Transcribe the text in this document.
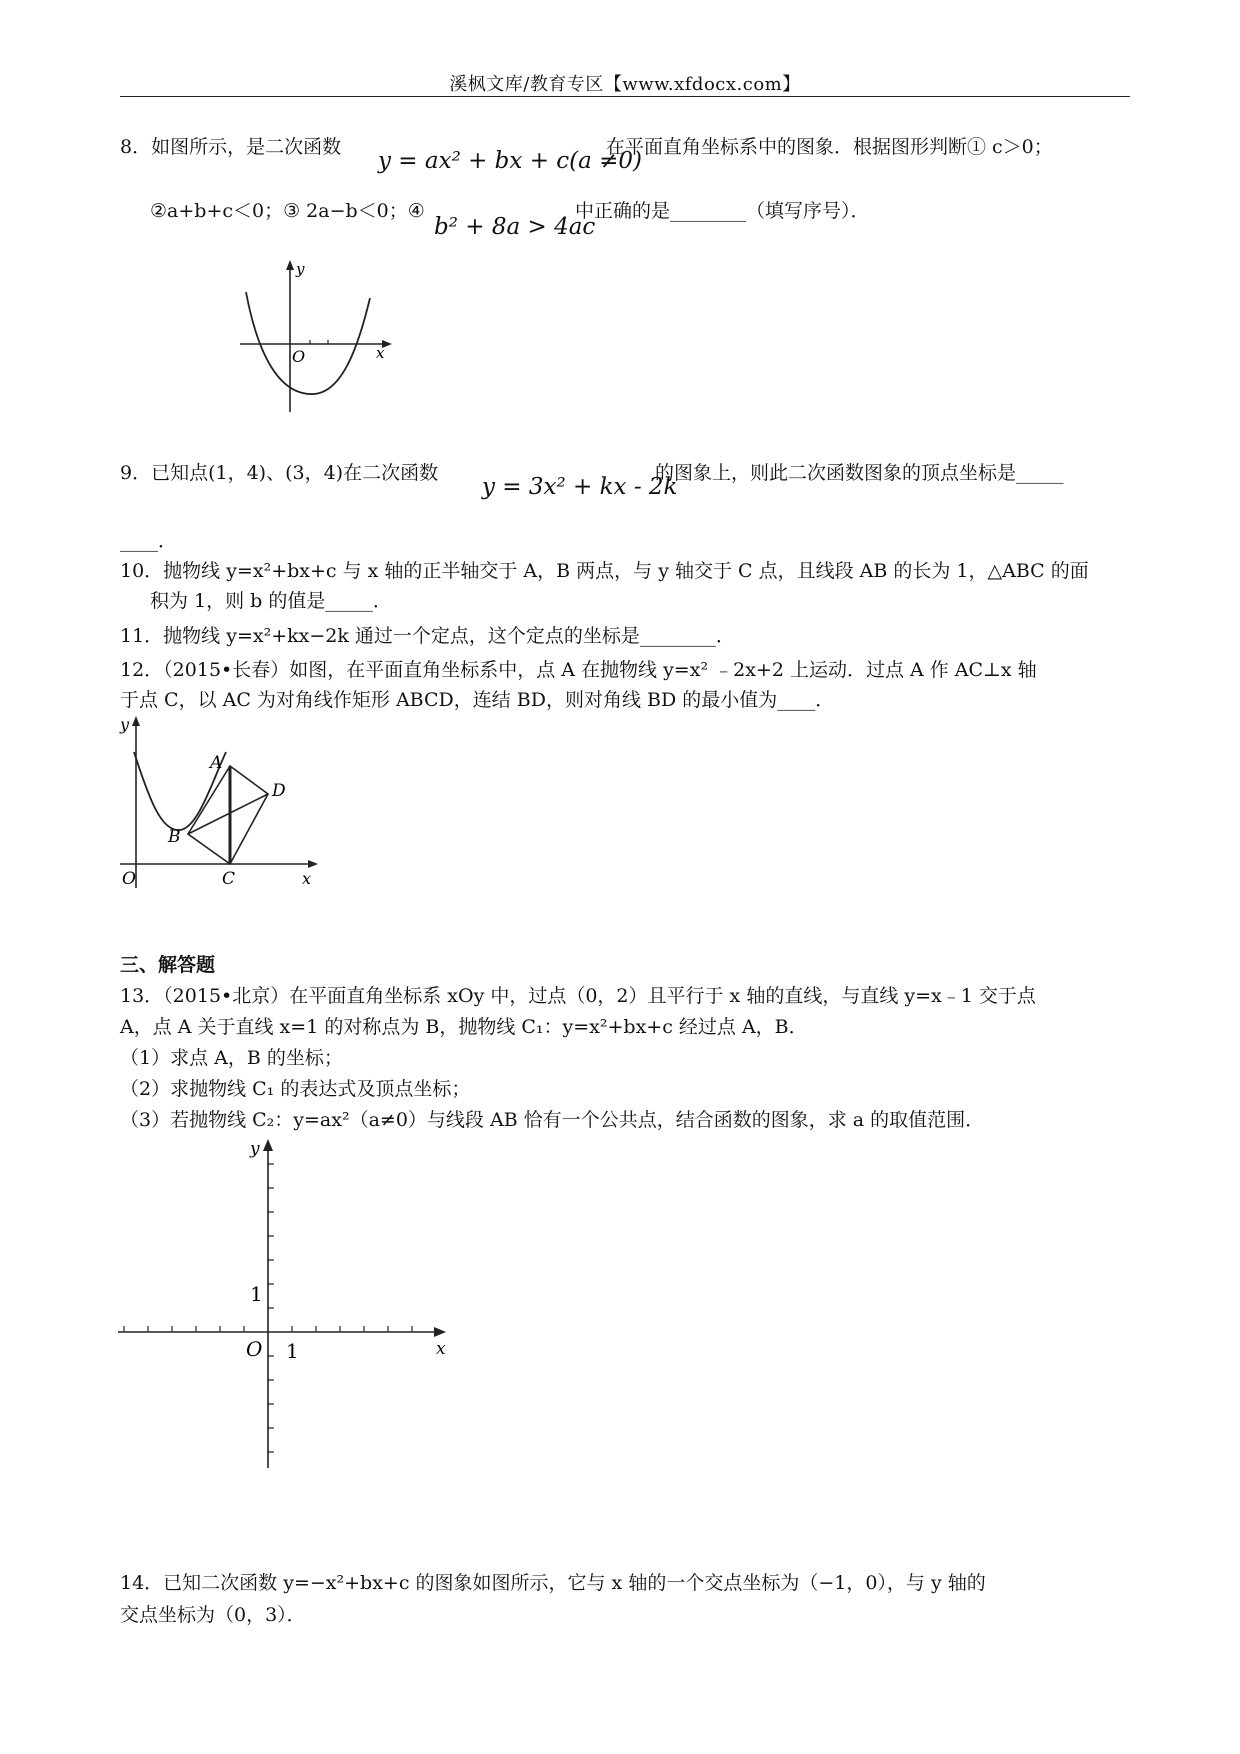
溪枫文库/教育专区【www.xfdocx.com】
8．如图所示，是二次函数
y = ax² + bx + c(a ≠0)
在平面直角坐标系中的图象．根据图形判断① c＞0；
②a+b+c＜0；③ 2a−b＜0；④
b² + 8a > 4ac
中正确的是________（填写序号）．
y
x
O
9．已知点(1，4)、(3，4)在二次函数
y = 3x² + kx - 2k
的图象上，则此二次函数图象的顶点坐标是_____
____．
10．抛物线 y=x²+bx+c 与 x 轴的正半轴交于 A，B 两点，与 y 轴交于 C 点，且线段 AB 的长为 1，△ABC 的面
积为 1，则 b 的值是_____．
11．抛物线 y=x²+kx−2k 通过一个定点，这个定点的坐标是________．
12．（2015•长春）如图，在平面直角坐标系中，点 A 在抛物线 y=x² ﹣2x+2 上运动．过点 A 作 AC⊥x 轴
于点 C，以 AC 为对角线作矩形 ABCD，连结 BD，则对角线 BD 的最小值为____．
A
B
C
D
O
y
x
三、解答题
13．（2015•北京）在平面直角坐标系 xOy 中，过点（0，2）且平行于 x 轴的直线，与直线 y=x﹣1 交于点
A，点 A 关于直线 x=1 的对称点为 B，抛物线 C₁：y=x²+bx+c 经过点 A，B．
（1）求点 A，B 的坐标；
（2）求抛物线 C₁ 的表达式及顶点坐标；
（3）若抛物线 C₂：y=ax²（a≠0）与线段 AB 恰有一个公共点，结合函数的图象，求 a 的取值范围．
y
x
O 1
1
14．已知二次函数 y=−x²+bx+c 的图象如图所示，它与 x 轴的一个交点坐标为（−1，0），与 y 轴的
交点坐标为（0，3）．
